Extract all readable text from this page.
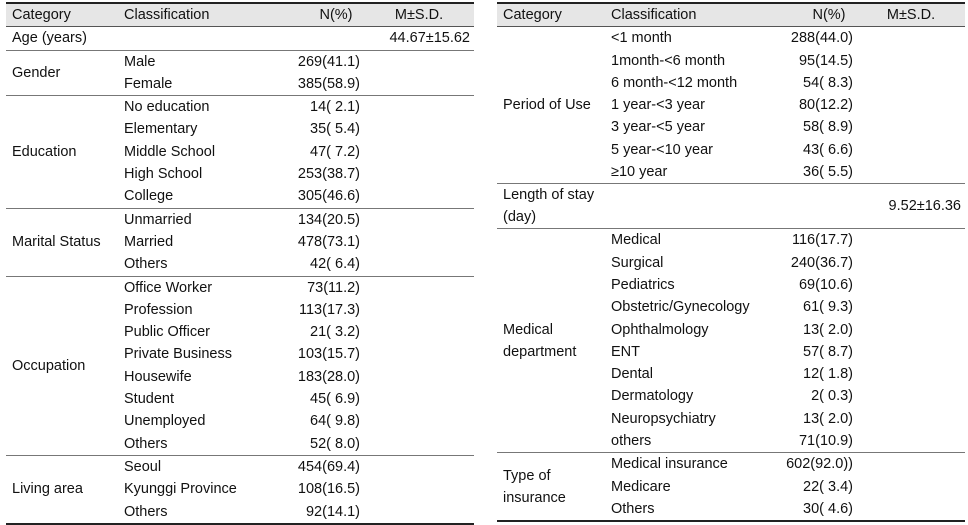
Category	Classification	N(%)	M±S.D.
Age (years)			44.67±15.62
Gender	Male	269(41.1)	
	Female	385(58.9)	
Education	No education	14( 2.1)	
	Elementary	35( 5.4)	
	Middle School	47( 7.2)	
	High School	253(38.7)	
	College	305(46.6)	
Marital Status	Unmarried	134(20.5)	
	Married	478(73.1)	
	Others	42( 6.4)	
Occupation	Office Worker	73(11.2)	
	Profession	113(17.3)	
	Public Officer	21( 3.2)	
	Private Business	103(15.7)	
	Housewife	183(28.0)	
	Student	45( 6.9)	
	Unemployed	64( 9.8)	
	Others	52( 8.0)	
Living area	Seoul	454(69.4)	
	Kyunggi Province	108(16.5)	
	Others	92(14.1)	
Category	Classification	N(%)	M±S.D.
Period of Use	<1 month	288(44.0)	
	1month-<6 month	95(14.5)	
	6 month-<12 month	54( 8.3)	
	1 year-<3 year	80(12.2)	
	3 year-<5 year	58( 8.9)	
	5 year-<10 year	43( 6.6)	
	≥10 year	36( 5.5)	
Length of stay (day)			9.52±16.36
Medical department	Medical	116(17.7)	
	Surgical	240(36.7)	
	Pediatrics	69(10.6)	
	Obstetric/Gynecology	61( 9.3)	
	Ophthalmology	13( 2.0)	
	ENT	57( 8.7)	
	Dental	12( 1.8)	
	Dermatology	2( 0.3)	
	Neuropsychiatry	13( 2.0)	
	others	71(10.9)	
Type of insurance	Medical insurance	602(92.0))	
	Medicare	22( 3.4)	
	Others	30( 4.6)	
